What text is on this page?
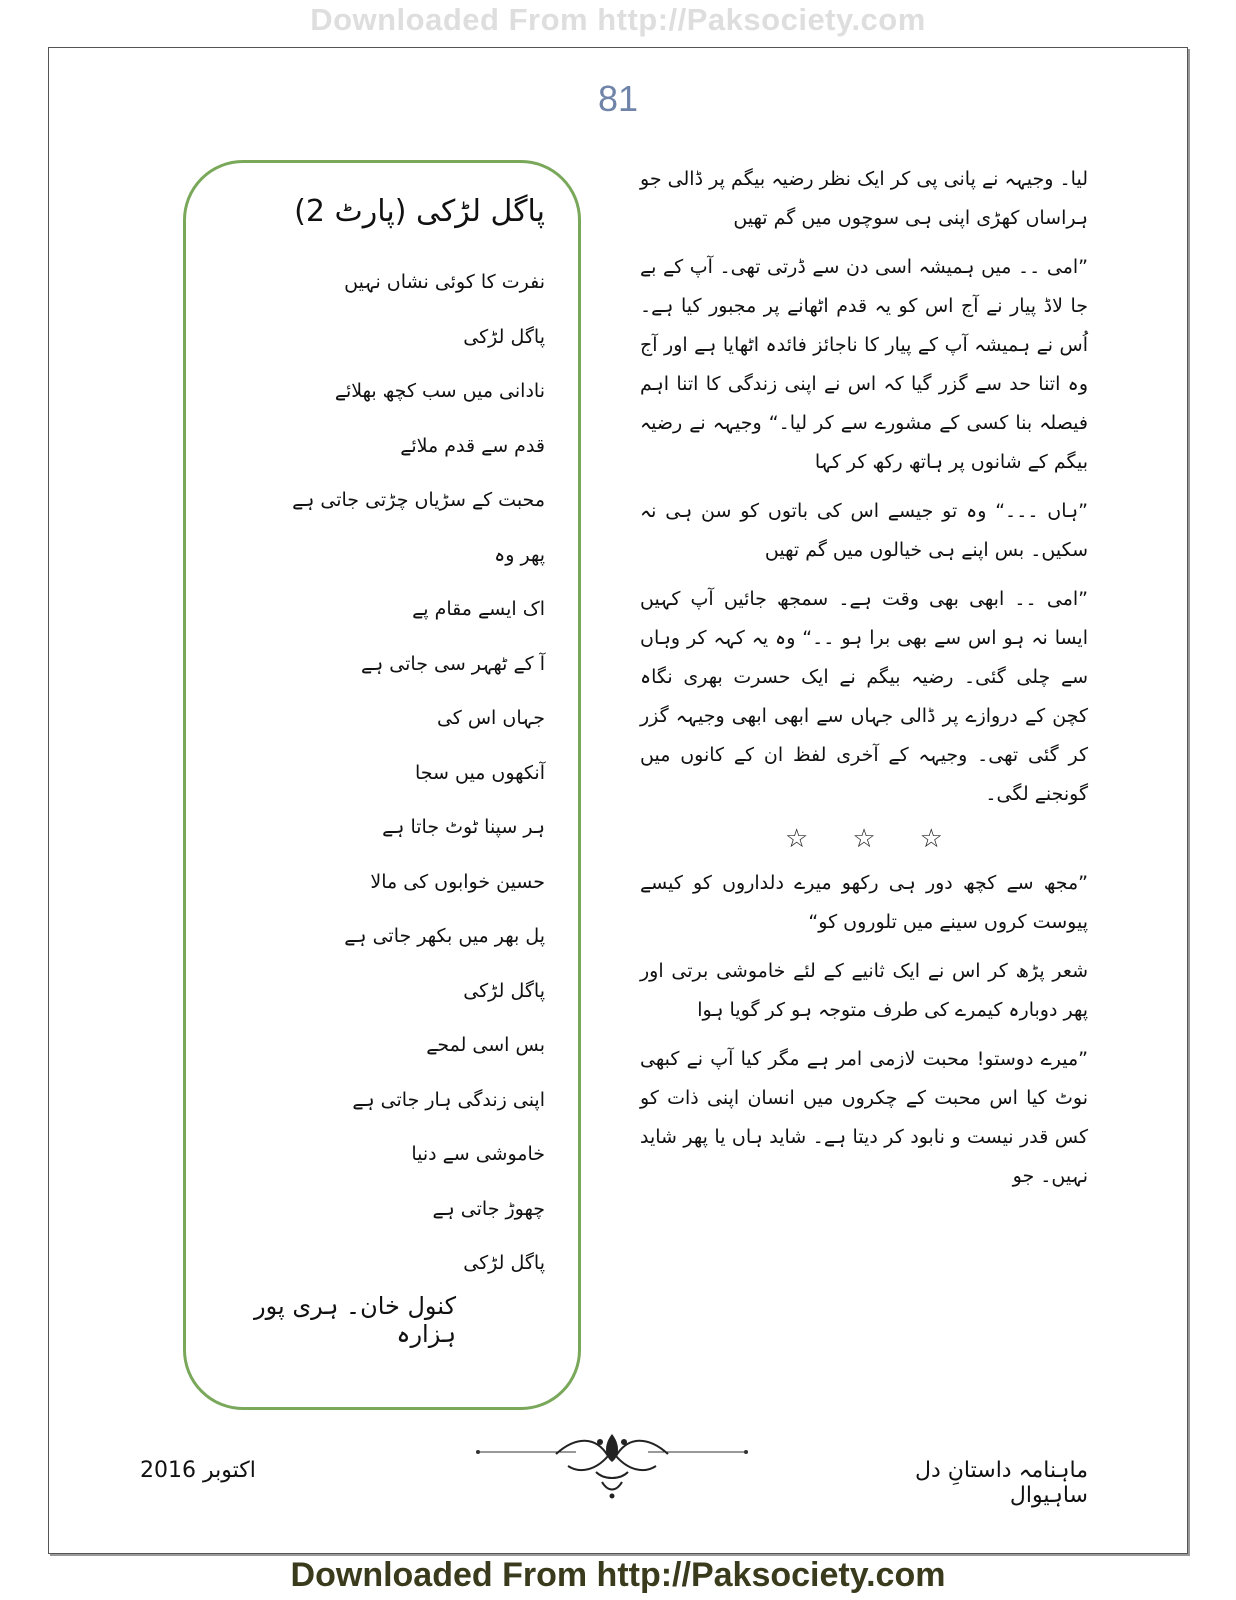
Downloaded From http://Paksociety.com
81

لیا۔ وجیہہ نے پانی پی کر ایک نظر رضیہ بیگم پر ڈالی جو ہراساں کھڑی اپنی ہی سوچوں میں گم تھیں

”امی ۔۔ میں ہمیشہ اسی دن سے ڈرتی تھی۔ آپ کے بے جا لاڈ پیار نے آج اس کو یہ قدم اٹھانے پر مجبور کیا ہے۔ اُس نے ہمیشہ آپ کے پیار کا ناجائز فائدہ اٹھایا ہے اور آج وہ اتنا حد سے گزر گیا کہ اس نے اپنی زندگی کا اتنا اہم فیصلہ بنا کسی کے مشورے سے کر لیا۔“ وجیہہ نے رضیہ بیگم کے شانوں پر ہاتھ رکھ کر کہا

”ہاں ۔۔۔“ وہ تو جیسے اس کی باتوں کو سن ہی نہ سکیں۔ بس اپنے ہی خیالوں میں گم تھیں

”امی ۔۔ ابھی بھی وقت ہے۔ سمجھ جائیں آپ کہیں ایسا نہ ہو اس سے بھی برا ہو ۔۔“ وہ یہ کہہ کر وہاں سے چلی گئی۔ رضیہ بیگم نے ایک حسرت بھری نگاہ کچن کے دروازے پر ڈالی جہاں سے ابھی ابھی وجیہہ گزر کر گئی تھی۔ وجیہہ کے آخری لفظ ان کے کانوں میں گونجنے لگی۔

☆ ☆ ☆

”مجھ سے کچھ دور ہی رکھو میرے دلداروں کو کیسے پیوست کروں سینے میں تلوروں کو“

شعر پڑھ کر اس نے ایک ثانیے کے لئے خاموشی برتی اور پھر دوبارہ کیمرے کی طرف متوجہ ہو کر گویا ہوا

”میرے دوستو! محبت لازمی امر ہے مگر کیا آپ نے کبھی نوٹ کیا اس محبت کے چکروں میں انسان اپنی ذات کو کس قدر نیست و نابود کر دیتا ہے۔ شاید ہاں یا پھر شاید نہیں۔ جو

پاگل لڑکی (پارٹ 2)
نفرت کا کوئی نشاں نہیں
پاگل لڑکی
نادانی میں سب کچھ بھلائے
قدم سے قدم ملائے
محبت کے سڑیاں چڑتی جاتی ہے
پھر وہ
اک ایسے مقام پے
آ کے ٹھہر سی جاتی ہے
جہاں اس کی
آنکھوں میں سجا
ہر سپنا ٹوٹ جاتا ہے
حسین خوابوں کی مالا
پل بھر میں بکھر جاتی ہے
پاگل لڑکی
بس اسی لمحے
اپنی زندگی ہار جاتی ہے
خاموشی سے دنیا
چھوڑ جاتی ہے
پاگل لڑکی
کنول خان۔ ہری پور ہزارہ
ماہنامہ داستانِ دل ساہیوال
اکتوبر 2016
Downloaded From http://Paksociety.com
